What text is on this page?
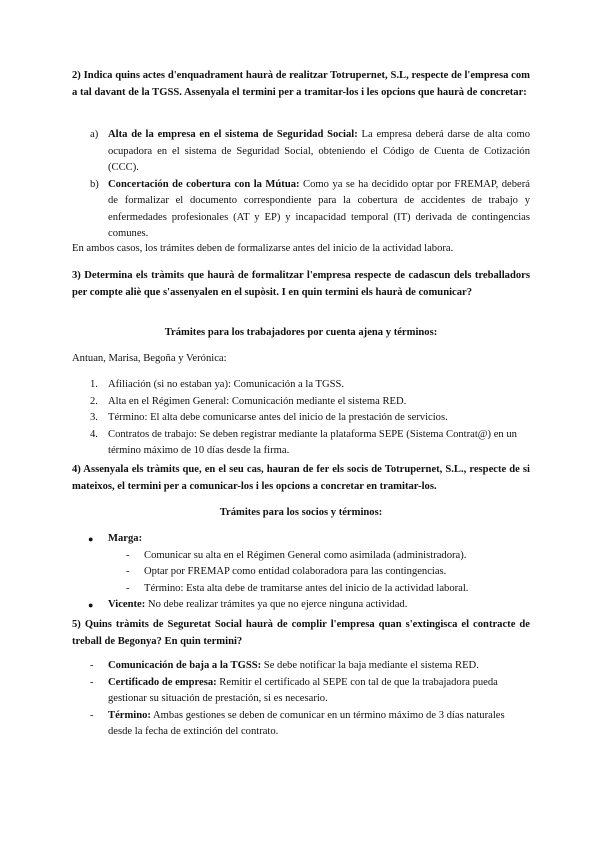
2) Indica quins actes d'enquadrament haurà de realitzar Totrupernet, S.L, respecte de l'empresa com a tal davant de la TGSS. Assenyala el termini per a tramitar-los i les opcions que haurà de concretar:

a) Alta de la empresa en el sistema de Seguridad Social: La empresa deberá darse de alta como ocupadora en el sistema de Seguridad Social, obteniendo el Código de Cuenta de Cotización (CCC).
b) Concertación de cobertura con la Mútua: Como ya se ha decidido optar por FREMAP, deberá de formalizar el documento correspondiente para la cobertura de accidentes de trabajo y enfermedades profesionales (AT y EP) y incapacidad temporal (IT) derivada de contingencias comunes.

En ambos casos, los trámites deben de formalizarse antes del inicio de la actividad labora.

3) Determina els tràmits que haurà de formalitzar l'empresa respecte de cadascun dels treballadors per compte aliè que s'assenyalen en el supòsit. I en quin termini els haurà de comunicar?

Trámites para los trabajadores por cuenta ajena y términos:

Antuan, Marisa, Begoña y Verónica:

1. Afiliación (si no estaban ya): Comunicación a la TGSS.
2. Alta en el Régimen General: Comunicación mediante el sistema RED.
3. Término: El alta debe comunicarse antes del inicio de la prestación de servicios.
4. Contratos de trabajo: Se deben registrar mediante la plataforma SEPE (Sistema Contrat@) en un término máximo de 10 días desde la firma.

4) Assenyala els tràmits que, en el seu cas, hauran de fer els socis de Totrupernet, S.L., respecte de si mateixos, el termini per a comunicar-los i les opcions a concretar en tramitar-los.

Trámites para los socios y términos:

● Marga:
- Comunicar su alta en el Régimen General como asimilada (administradora).
- Optar por FREMAP como entidad colaboradora para las contingencias.
- Término: Esta alta debe de tramitarse antes del inicio de la actividad laboral.
● Vicente: No debe realizar trámites ya que no ejerce ninguna actividad.

5) Quins tràmits de Seguretat Social haurà de complir l'empresa quan s'extingisca el contracte de treball de Begonya? En quin termini?

- Comunicación de baja a la TGSS: Se debe notificar la baja mediante el sistema RED.
- Certificado de empresa: Remitir el certificado al SEPE con tal de que la trabajadora pueda gestionar su situación de prestación, si es necesario.
- Término: Ambas gestiones se deben de comunicar en un término máximo de 3 días naturales desde la fecha de extinción del contrato.
